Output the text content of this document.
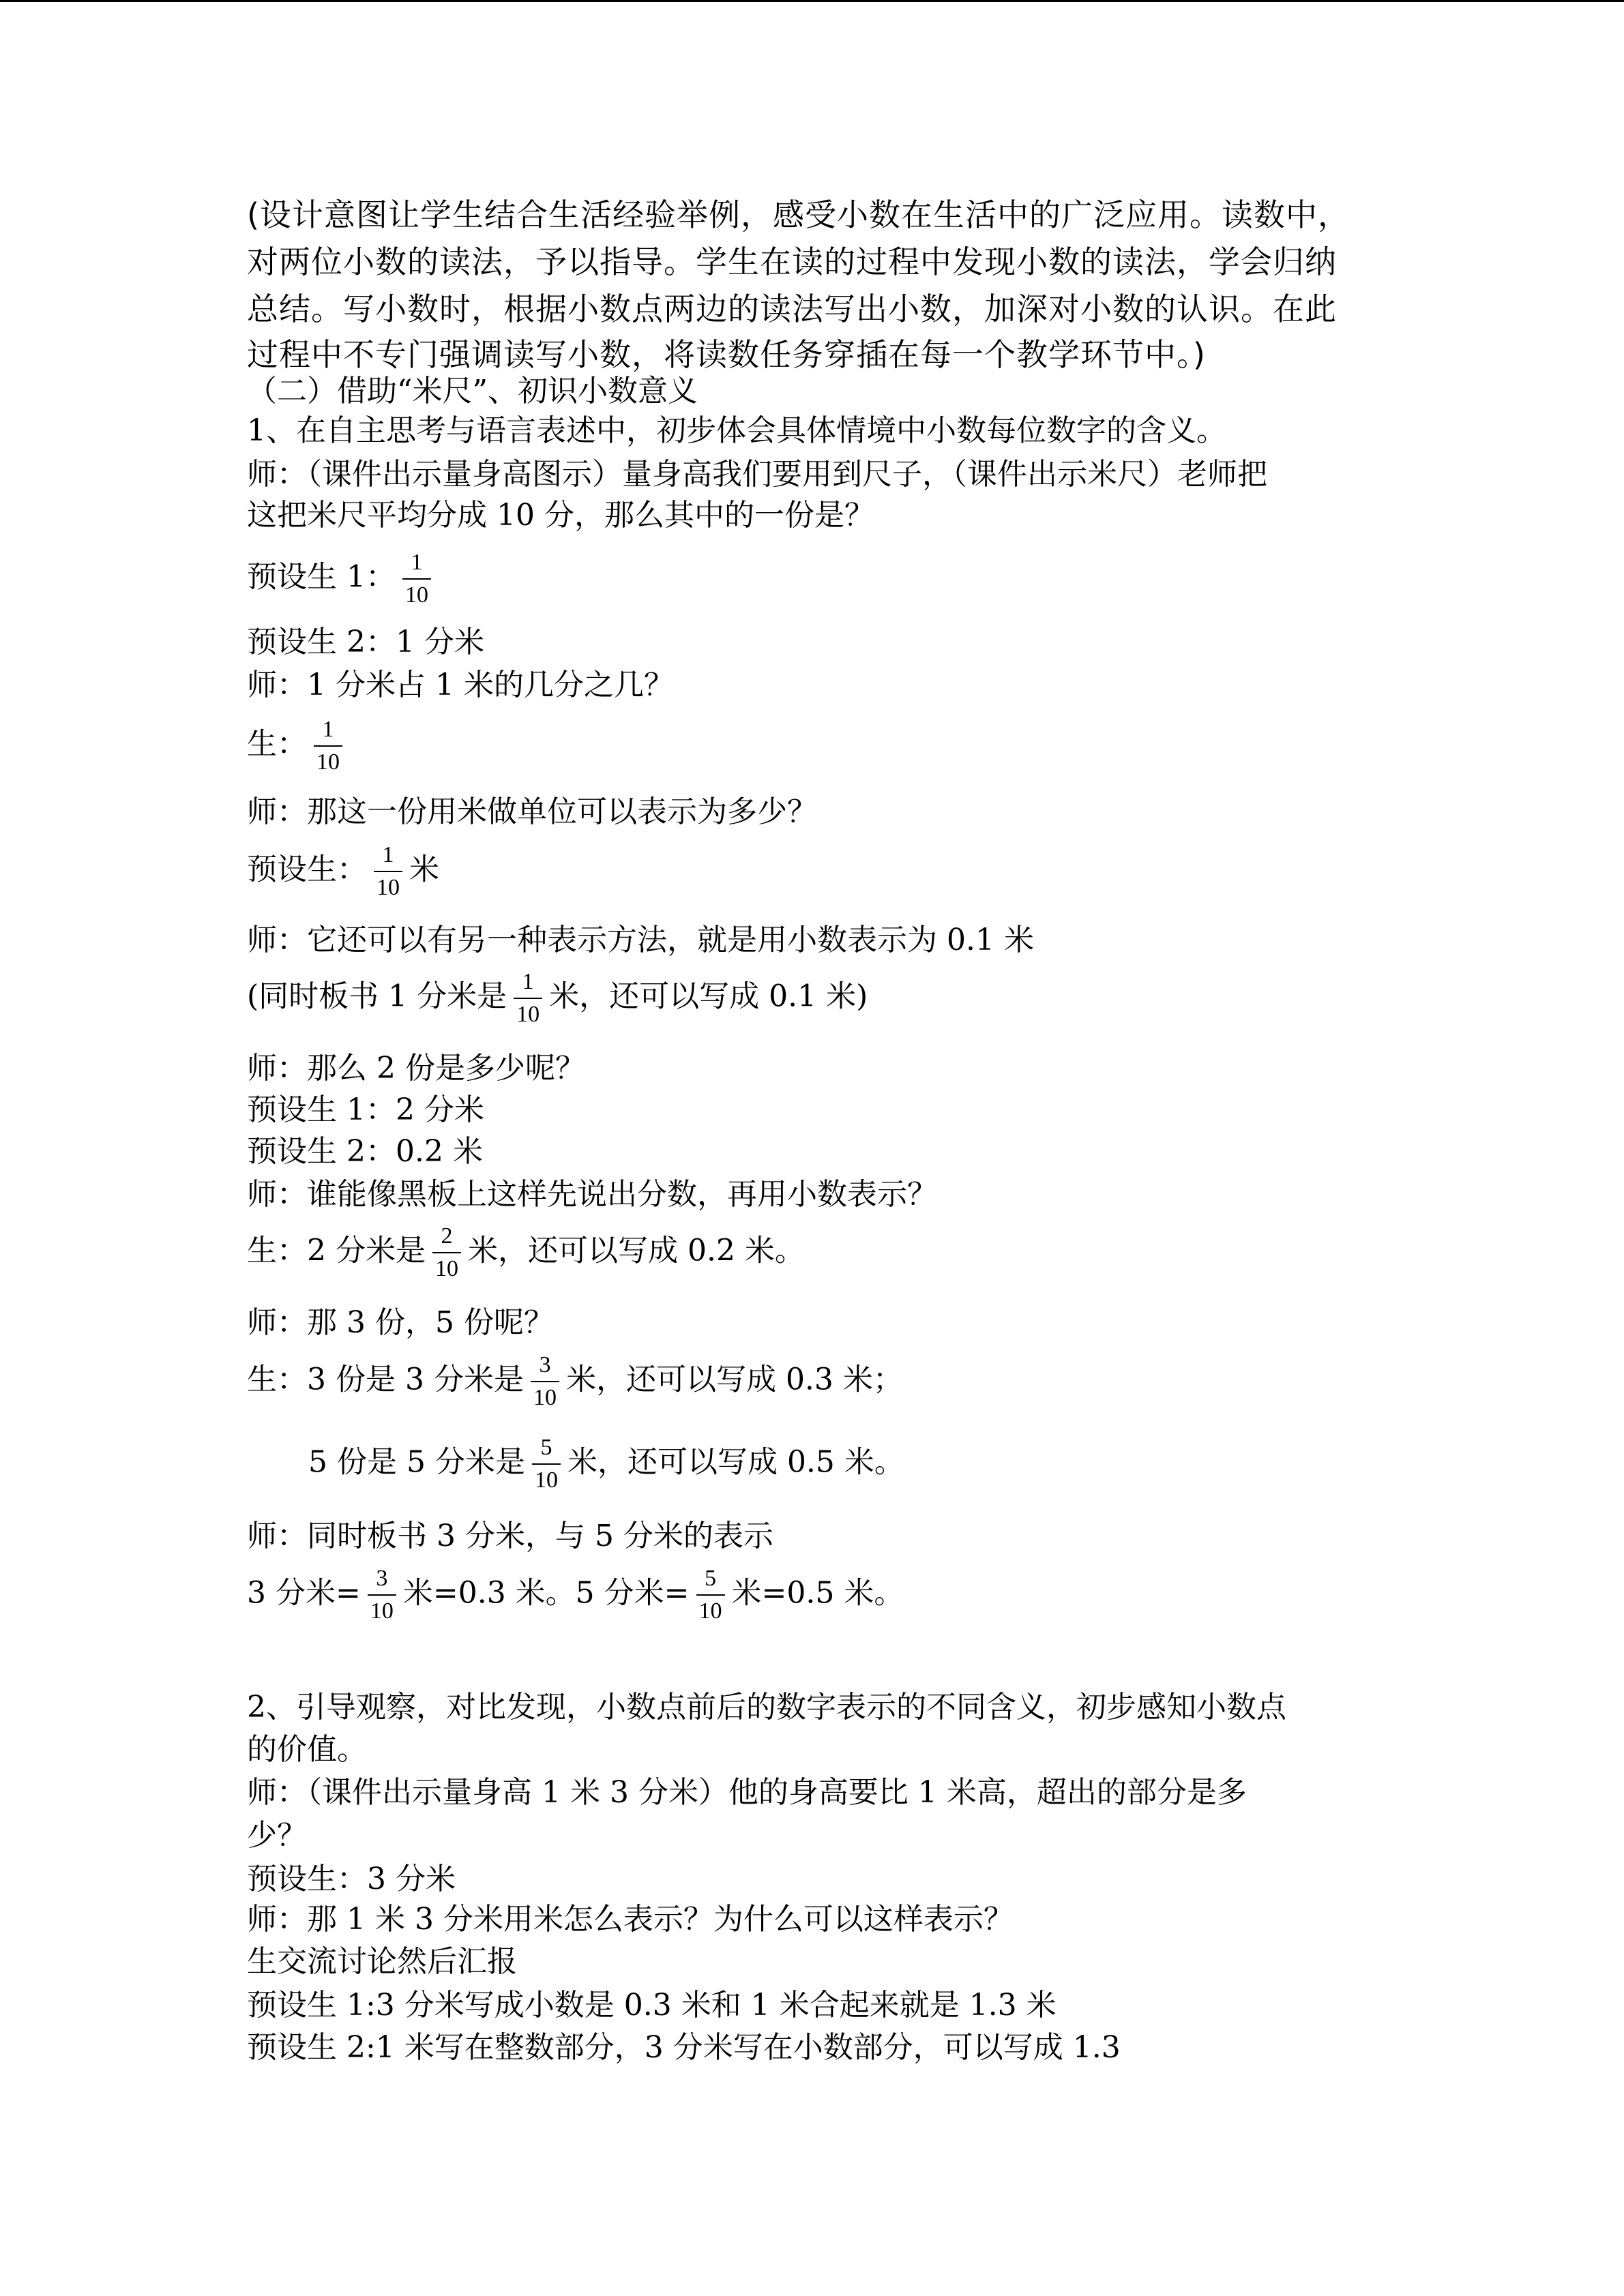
(设计意图让学生结合生活经验举例，感受小数在生活中的广泛应用。读数中，
对两位小数的读法，予以指导。学生在读的过程中发现小数的读法，学会归纳
总结。写小数时，根据小数点两边的读法写出小数，加深对小数的认识。在此
过程中不专门强调读写小数，将读数任务穿插在每一个教学环节中。)
（二）借助“米尺”、初识小数意义
1、在自主思考与语言表述中，初步体会具体情境中小数每位数字的含义。
师：（课件出示量身高图示）量身高我们要用到尺子，（课件出示米尺）老师把
这把米尺平均分成 10 分，那么其中的一份是？
预设生 1： $\frac{1}{10}$
预设生 2：1 分米
师：1 分米占 1 米的几分之几？
生： $\frac{1}{10}$
师：那这一份用米做单位可以表示为多少？
预设生： $\frac{1}{10}$ 米
师：它还可以有另一种表示方法，就是用小数表示为 0.1 米
(同时板书 1 分米是 $\frac{1}{10}$ 米，还可以写成 0.1 米)
师：那么 2 份是多少呢？
预设生 1：2 分米
预设生 2：0.2 米
师：谁能像黑板上这样先说出分数，再用小数表示？
生：2 分米是 $\frac{2}{10}$ 米，还可以写成 0.2 米。
师：那 3 份，5 份呢？
生：3 份是 3 分米是 $\frac{3}{10}$ 米，还可以写成 0.3 米；
5 份是 5 分米是 $\frac{5}{10}$ 米，还可以写成 0.5 米。
师：同时板书 3 分米，与 5 分米的表示
3 分米= $\frac{3}{10}$ 米=0.3 米。5 分米= $\frac{5}{10}$ 米=0.5 米。
2、引导观察，对比发现，小数点前后的数字表示的不同含义，初步感知小数点
的价值。
师：（课件出示量身高 1 米 3 分米）他的身高要比 1 米高，超出的部分是多
少？
预设生：3 分米
师：那 1 米 3 分米用米怎么表示？为什么可以这样表示？
生交流讨论然后汇报
预设生 1:3 分米写成小数是 0.3 米和 1 米合起来就是 1.3 米
预设生 2:1 米写在整数部分，3 分米写在小数部分，可以写成 1.3
